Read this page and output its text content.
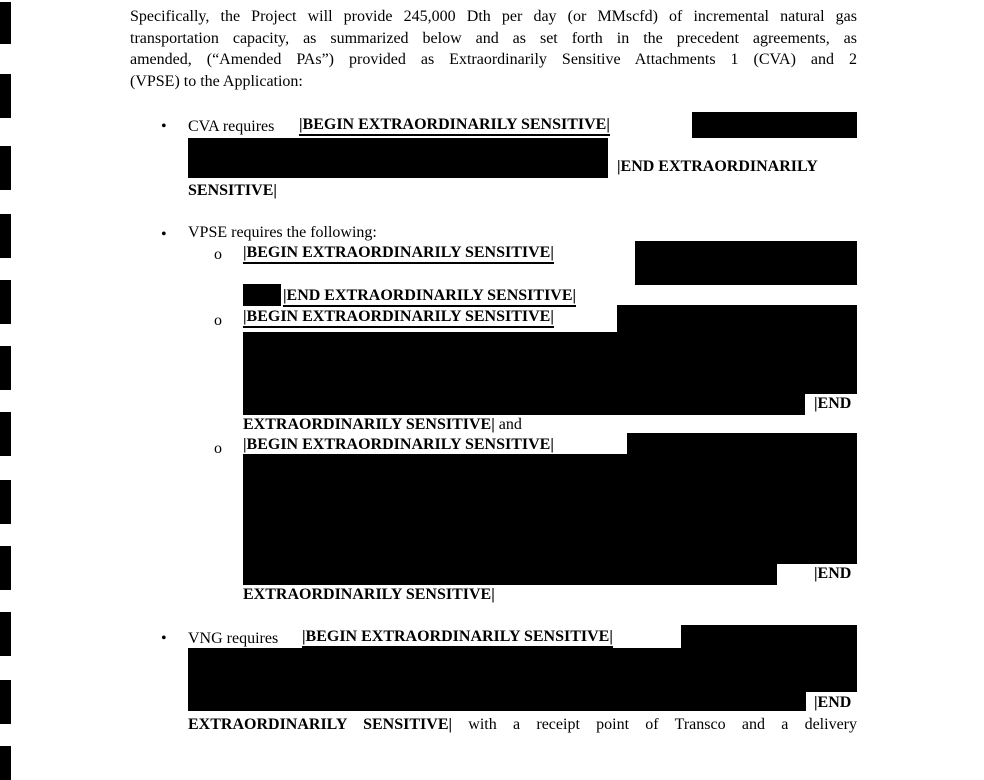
Specifically, the Project will provide 245,000 Dth per day (or MMscfd) of incremental natural gas
transportation capacity, as summarized below and as set forth in the precedent agreements, as
amended, (“Amended PAs”) provided as Extraordinarily Sensitive Attachments 1 (CVA) and 2
(VPSE) to the Application:
• CVA requires |BEGIN EXTRAORDINARILY SENSITIVE|
|END EXTRAORDINARILY
SENSITIVE|
• VPSE requires the following:
o |BEGIN EXTRAORDINARILY SENSITIVE|
|END EXTRAORDINARILY SENSITIVE|
o |BEGIN EXTRAORDINARILY SENSITIVE|
|END
EXTRAORDINARILY SENSITIVE| and
o |BEGIN EXTRAORDINARILY SENSITIVE|
|END
EXTRAORDINARILY SENSITIVE|
• VNG requires |BEGIN EXTRAORDINARILY SENSITIVE|
|END
EXTRAORDINARILY SENSITIVE| with a receipt point of Transco and a delivery
